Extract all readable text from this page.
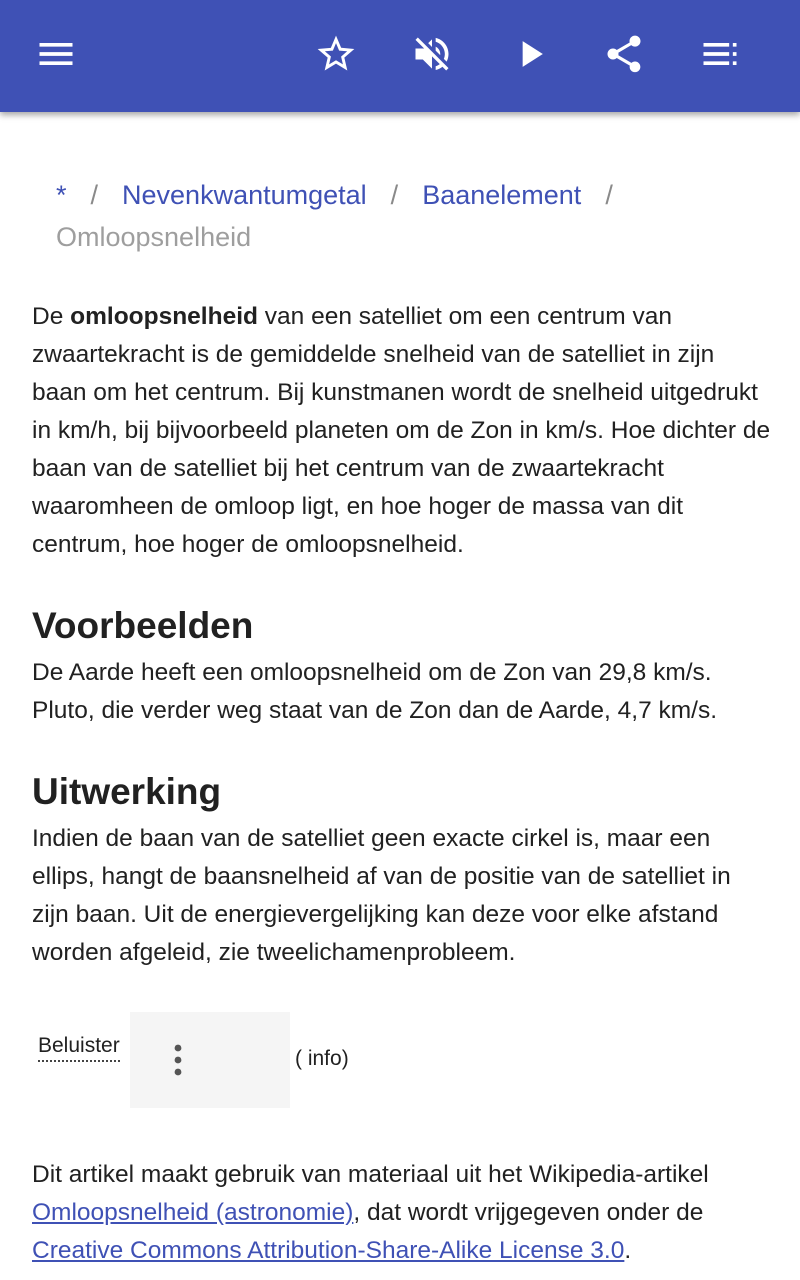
* / Nevenkwantumgetal / Baanelement /
Omloopsnelheid

De omloopsnelheid van een satelliet om een centrum van zwaartekracht is de gemiddelde snelheid van de satelliet in zijn baan om het centrum. Bij kunstmanen wordt de snelheid uitgedrukt in km/h, bij bijvoorbeeld planeten om de Zon in km/s. Hoe dichter de baan van de satelliet bij het centrum van de zwaartekracht waaromheen de omloop ligt, en hoe hoger de massa van dit centrum, hoe hoger de omloopsnelheid.

Voorbeelden

De Aarde heeft een omloopsnelheid om de Zon van 29,8 km/s. Pluto, die verder weg staat van de Zon dan de Aarde, 4,7 km/s.

Uitwerking

Indien de baan van de satelliet geen exacte cirkel is, maar een ellips, hangt de baansnelheid af van de positie van de satelliet in zijn baan. Uit de energievergelijking kan deze voor elke afstand worden afgeleid, zie tweelichamenprobleem.

Beluister
( info)

Dit artikel maakt gebruik van materiaal uit het Wikipedia-artikel Omloopsnelheid (astronomie), dat wordt vrijgegeven onder de Creative Commons Attribution-Share-Alike License 3.0.
